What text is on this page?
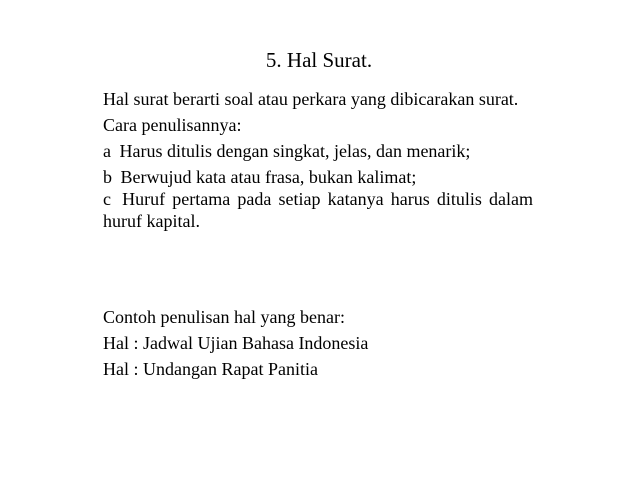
5. Hal Surat.

Hal surat berarti soal atau perkara yang dibicarakan surat.

Cara penulisannya:

a Harus ditulis dengan singkat, jelas, dan menarik;
b Berwujud kata atau frasa, bukan kalimat;
c Huruf pertama pada setiap katanya harus ditulis dalam huruf kapital.
Contoh penulisan hal yang benar:
Hal : Jadwal Ujian Bahasa Indonesia
Hal : Undangan Rapat Panitia
